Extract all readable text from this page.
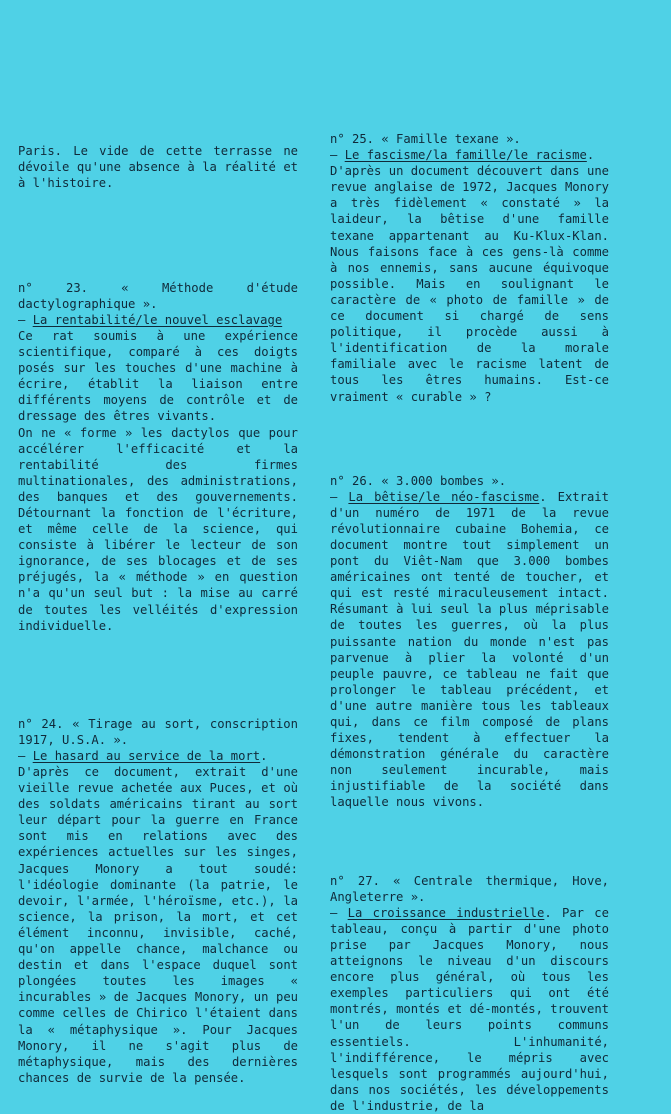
Paris. Le vide de cette terrasse ne dévoile qu'une absence à la réalité et à l'histoire.

n° 23. « Méthode d'étude dactylographique ».

– La rentabilité/le nouvel esclavage

Ce rat soumis à une expérience scientifique, comparé à ces doigts posés sur les touches d'une machine à écrire, établit la liaison entre différents moyens de contrôle et de dressage des êtres vivants.

On ne « forme » les dactylos que pour accélérer l'efficacité et la rentabilité des firmes multinationales, des administrations, des banques et des gouvernements. Détournant la fonction de l'écriture, et même celle de la science, qui consiste à libérer le lecteur de son ignorance, de ses blocages et de ses préjugés, la « méthode » en question n'a qu'un seul but : la mise au carré de toutes les velléités d'expression individuelle.

n° 24. « Tirage au sort, conscription 1917, U.S.A. ».

– Le hasard au service de la mort.

D'après ce document, extrait d'une vieille revue achetée aux Puces, et où des soldats américains tirant au sort leur départ pour la guerre en France sont mis en relations avec des expériences actuelles sur les singes, Jacques Monory a tout soudé: l'idéologie dominante (la patrie, le devoir, l'armée, l'héroïsme, etc.), la science, la prison, la mort, et cet élément inconnu, invisible, caché, qu'on appelle chance, malchance ou destin et dans l'espace duquel sont plongées toutes les images « incurables » de Jacques Monory, un peu comme celles de Chirico l'étaient dans la « métaphysique ». Pour Jacques Monory, il ne s'agit plus de métaphysique, mais des dernières chances de survie de la pensée.

n° 25. « Famille texane ».

– Le fascisme/la famille/le racisme.

D'après un document découvert dans une revue anglaise de 1972, Jacques Monory a très fidèlement « constaté » la laideur, la bêtise d'une famille texane appartenant au Ku-Klux-Klan. Nous faisons face à ces gens-là comme à nos ennemis, sans aucune équivoque possible. Mais en soulignant le caractère de « photo de famille » de ce document si chargé de sens politique, il procède aussi à l'identification de la morale familiale avec le racisme latent de tous les êtres humains. Est-ce vraiment « curable » ?

n° 26. « 3.000 bombes ».

– La bêtise/le néo-fascisme. Extrait d'un numéro de 1971 de la revue révolutionnaire cubaine Bohemia, ce document montre tout simplement un pont du Viêt-Nam que 3.000 bombes américaines ont tenté de toucher, et qui est resté miraculeusement intact. Résumant à lui seul la plus méprisable de toutes les guerres, où la plus puissante nation du monde n'est pas parvenue à plier la volonté d'un peuple pauvre, ce tableau ne fait que prolonger le tableau précédent, et d'une autre manière tous les tableaux qui, dans ce film composé de plans fixes, tendent à effectuer la démonstration générale du caractère non seulement incurable, mais injustifiable de la société dans laquelle nous vivons.

n° 27. « Centrale thermique, Hove, Angleterre ».

– La croissance industrielle. Par ce tableau, conçu à partir d'une photo prise par Jacques Monory, nous atteignons le niveau d'un discours encore plus général, où tous les exemples particuliers qui ont été montrés, montés et dé-montés, trouvent l'un de leurs points communs essentiels. L'inhumanité, l'indifférence, le mépris avec lesquels sont programmés aujourd'hui, dans nos sociétés, les développements de l'industrie, de la
